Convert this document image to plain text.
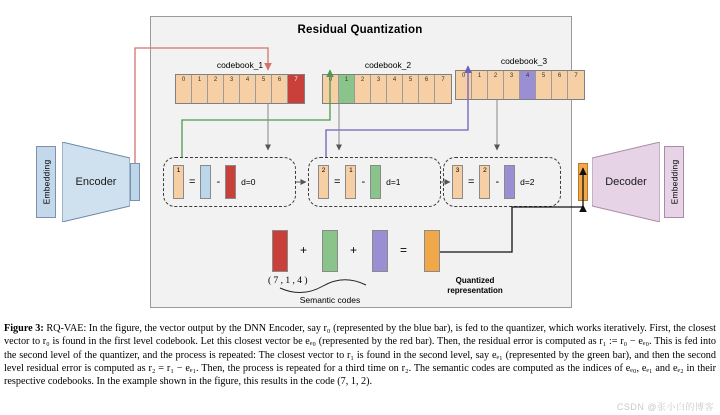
Residual Quantization
Embedding	Encoder	Decoder	Embedding
codebook_1	codebook_2	codebook_3
0	1	2	3	4	5	6	7	0	1	2	3	4	5	6	7
0	1	2	3	4	5	6	7
1
= - d=0
2
=
1
- d=1
3
=
2
- d=2
+	+	=
( 7 , 1 , 4 )
Semantic codes
Quantized representation
Figure 3: RQ-VAE: In the figure, the vector output by the DNN Encoder, say r₀ (represented by the blue bar), is fed to the quantizer, which works iteratively. First, the closest vector to r₀ is found in the first level codebook. Let this closest vector be eₑ₀ (represented by the red bar). Then, the residual error is computed as r₁ := r₀ − eₑ₀. This is fed into the second level of the quantizer, and the process is repeated: The closest vector to r₁ is found in the second level, say eₑ₁ (represented by the green bar), and then the second level residual error is computed as r₂ = r₁ − eₑ₁. Then, the process is repeated for a third time on r₂. The semantic codes are computed as the indices of eₑ₀, eₑ₁ and eₑ₂ in their respective codebooks. In the example shown in the figure, this results in the code (7, 1, 2).
CSDN @张小白的博客
